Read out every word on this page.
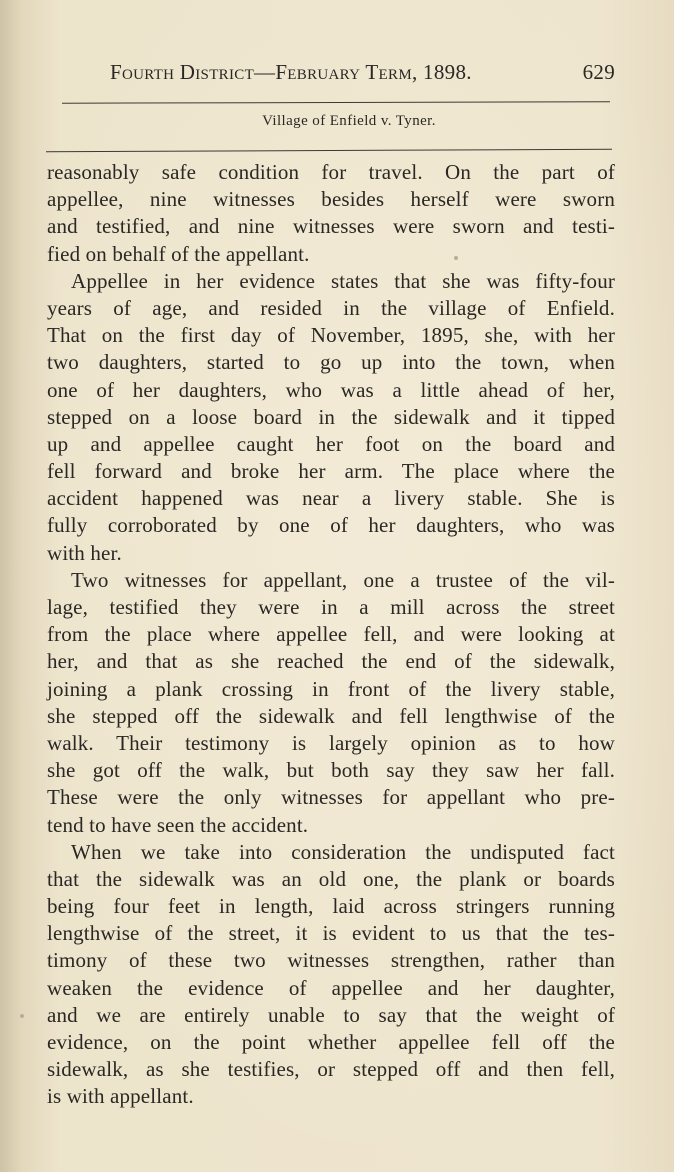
Fourth District—February Term, 1898.	629
Village of Enfield v. Tyner.
reasonably safe condition for travel. On the part of
appellee, nine witnesses besides herself were sworn
and testified, and nine witnesses were sworn and testi-
fied on behalf of the appellant.
Appellee in her evidence states that she was fifty-four
years of age, and resided in the village of Enfield.
That on the first day of November, 1895, she, with her
two daughters, started to go up into the town, when
one of her daughters, who was a little ahead of her,
stepped on a loose board in the sidewalk and it tipped
up and appellee caught her foot on the board and
fell forward and broke her arm. The place where the
accident happened was near a livery stable. She is
fully corroborated by one of her daughters, who was
with her.
Two witnesses for appellant, one a trustee of the vil-
lage, testified they were in a mill across the street
from the place where appellee fell, and were looking at
her, and that as she reached the end of the sidewalk,
joining a plank crossing in front of the livery stable,
she stepped off the sidewalk and fell lengthwise of the
walk. Their testimony is largely opinion as to how
she got off the walk, but both say they saw her fall.
These were the only witnesses for appellant who pre-
tend to have seen the accident.
When we take into consideration the undisputed fact
that the sidewalk was an old one, the plank or boards
being four feet in length, laid across stringers running
lengthwise of the street, it is evident to us that the tes-
timony of these two witnesses strengthen, rather than
weaken the evidence of appellee and her daughter,
and we are entirely unable to say that the weight of
evidence, on the point whether appellee fell off the
sidewalk, as she testifies, or stepped off and then fell,
is with appellant.
